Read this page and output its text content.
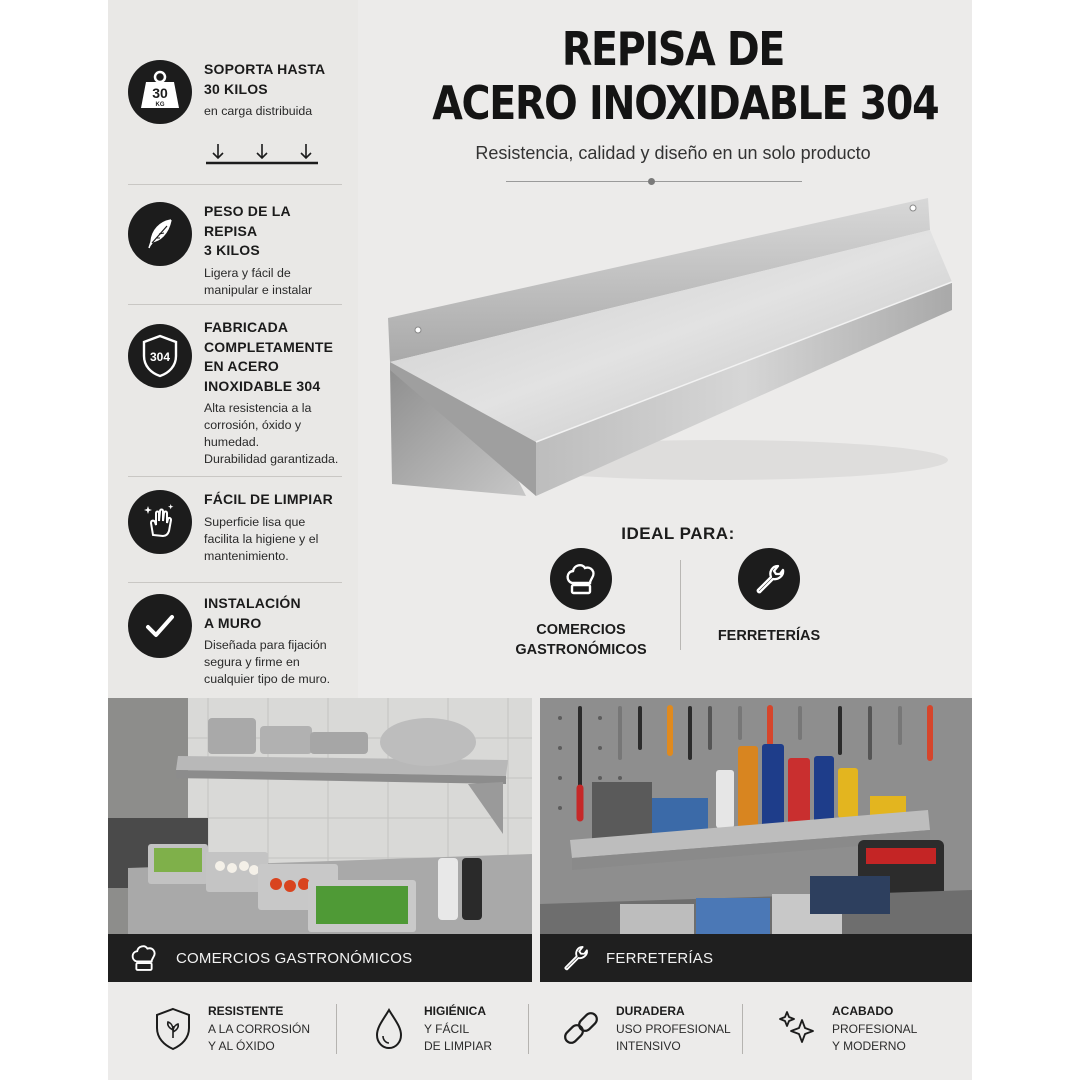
30
KG
SOPORTA HASTA
30 KILOS
en carga distribuida
PESO DE LA REPISA
3 KILOS
Ligera y fácil de
manipular e instalar
304
FABRICADA
COMPLETAMENTE
EN ACERO
INOXIDABLE 304
Alta resistencia a la
corrosión, óxido y
humedad.
Durabilidad garantizada.
FÁCIL DE LIMPIAR
Superficie lisa que
facilita la higiene y el
mantenimiento.
INSTALACIÓN
A MURO
Diseñada para fijación
segura y firme en
cualquier tipo de muro.
REPISA DE
ACERO INOXIDABLE 304
Resistencia, calidad y diseño en un solo producto
IDEAL PARA:
COMERCIOS
GASTRONÓMICOS
FERRETERÍAS
COMERCIOS GASTRONÓMICOS	FERRETERÍAS
RESISTENTE
A LA CORROSIÓN
Y AL ÓXIDO
HIGIÉNICA
Y FÁCIL
DE LIMPIAR
DURADERA
USO PROFESIONAL
INTENSIVO
ACABADO
PROFESIONAL
Y MODERNO
